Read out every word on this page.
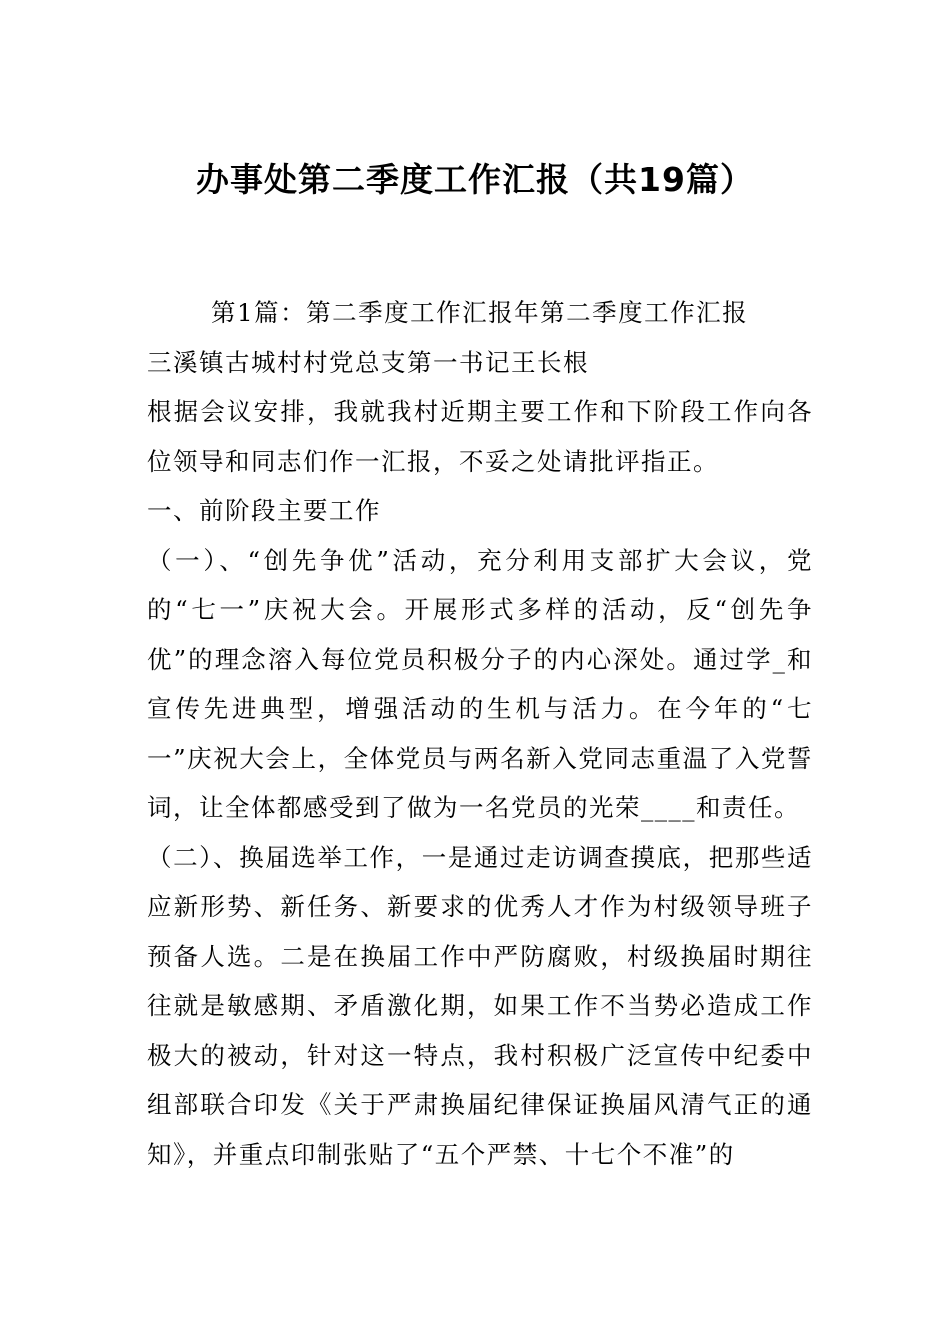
办事处第二季度工作汇报（共19篇）

第1篇：第二季度工作汇报年第二季度工作汇报

三溪镇古城村村党总支第一书记王长根

根据会议安排，我就我村近期主要工作和下阶段工作向各位领导和同志们作一汇报，不妥之处请批评指正。

一、前阶段主要工作

（一）、“创先争优”活动，充分利用支部扩大会议，党的“七一”庆祝大会。开展形式多样的活动，反“创先争优”的理念溶入每位党员积极分子的内心深处。通过学_和宣传先进典型，增强活动的生机与活力。在今年的“七一”庆祝大会上，全体党员与两名新入党同志重温了入党誓词，让全体都感受到了做为一名党员的光荣____和责任。

（二）、换届选举工作，一是通过走访调查摸底，把那些适应新形势、新任务、新要求的优秀人才作为村级领导班子预备人选。二是在换届工作中严防腐败，村级换届时期往往就是敏感期、矛盾激化期，如果工作不当势必造成工作极大的被动，针对这一特点，我村积极广泛宣传中纪委中组部联合印发《关于严肃换届纪律保证换届风清气正的通知》，并重点印制张贴了“五个严禁、十七个不准”的
